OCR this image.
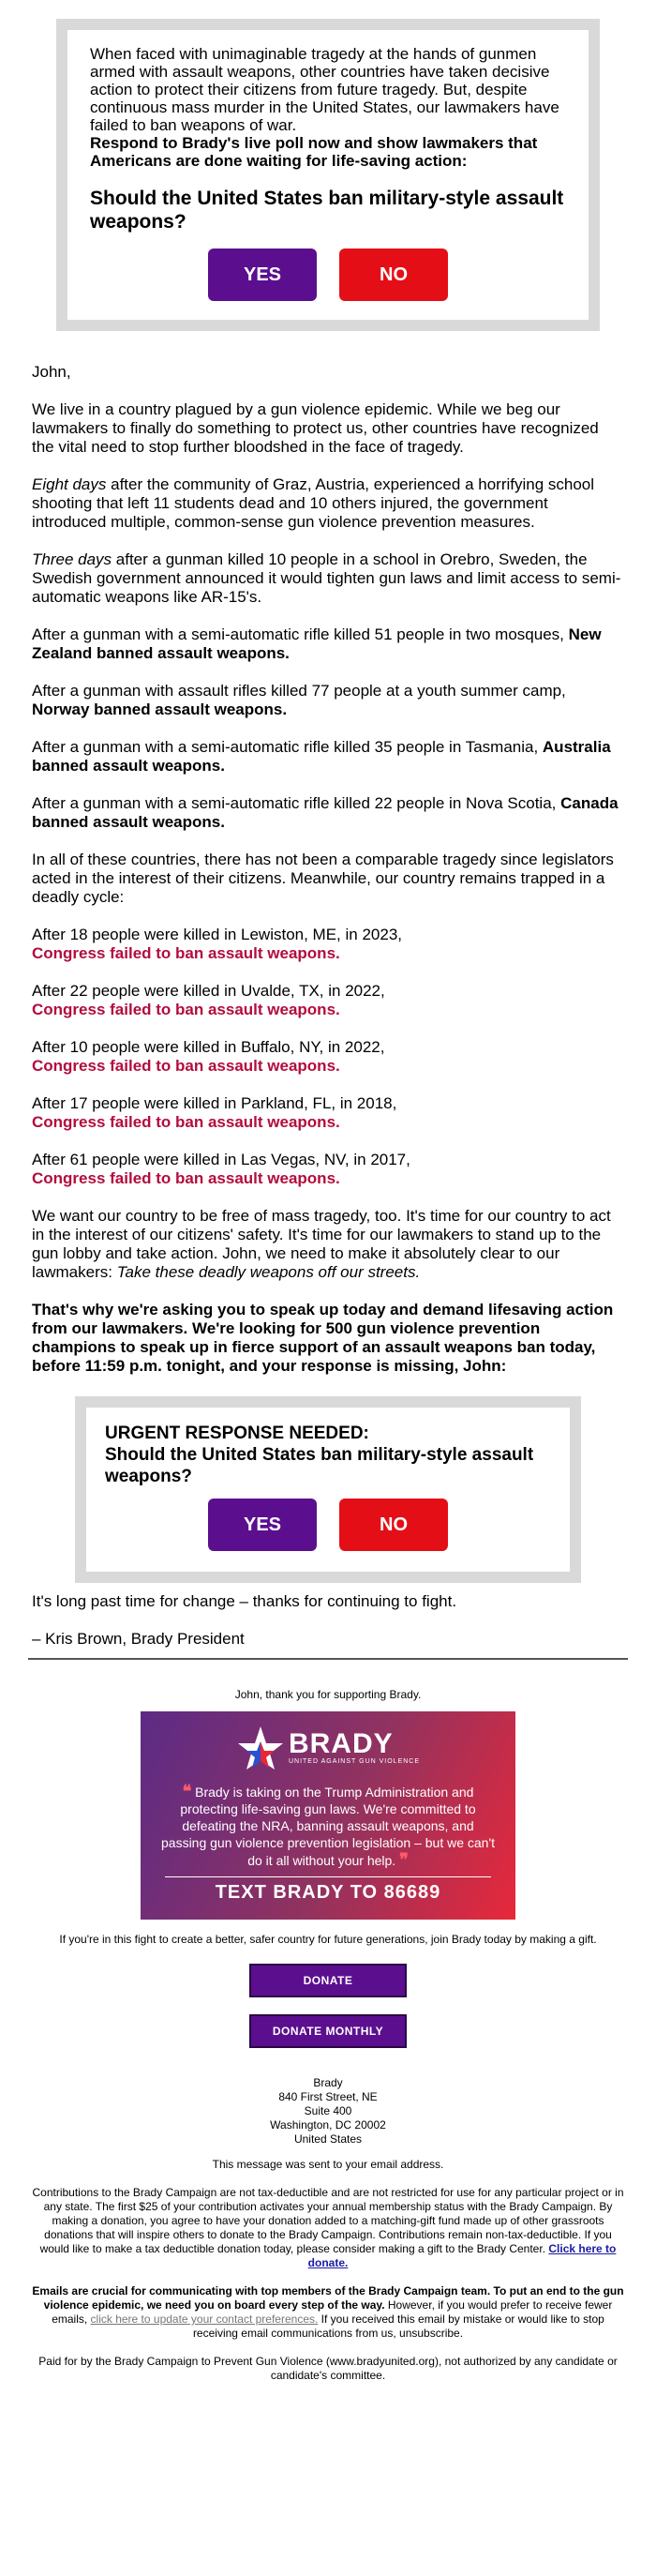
When faced with unimaginable tragedy at the hands of gunmen armed with assault weapons, other countries have taken decisive action to protect their citizens from future tragedy. But, despite continuous mass murder in the United States, our lawmakers have failed to ban weapons of war.

Respond to Brady's live poll now and show lawmakers that Americans are done waiting for life-saving action:

Should the United States ban military-style assault weapons?

YES	NO

John,

We live in a country plagued by a gun violence epidemic. While we beg our lawmakers to finally do something to protect us, other countries have recognized the vital need to stop further bloodshed in the face of tragedy.

Eight days after the community of Graz, Austria, experienced a horrifying school shooting that left 11 students dead and 10 others injured, the government introduced multiple, common-sense gun violence prevention measures.

Three days after a gunman killed 10 people in a school in Orebro, Sweden, the Swedish government announced it would tighten gun laws and limit access to semi-automatic weapons like AR-15's.

After a gunman with a semi-automatic rifle killed 51 people in two mosques, New Zealand banned assault weapons.

After a gunman with assault rifles killed 77 people at a youth summer camp, Norway banned assault weapons.

After a gunman with a semi-automatic rifle killed 35 people in Tasmania, Australia banned assault weapons.

After a gunman with a semi-automatic rifle killed 22 people in Nova Scotia, Canada banned assault weapons.

In all of these countries, there has not been a comparable tragedy since legislators acted in the interest of their citizens. Meanwhile, our country remains trapped in a deadly cycle:

After 18 people were killed in Lewiston, ME, in 2023,
Congress failed to ban assault weapons.

After 22 people were killed in Uvalde, TX, in 2022,
Congress failed to ban assault weapons.

After 10 people were killed in Buffalo, NY, in 2022,
Congress failed to ban assault weapons.

After 17 people were killed in Parkland, FL, in 2018,
Congress failed to ban assault weapons.

After 61 people were killed in Las Vegas, NV, in 2017,
Congress failed to ban assault weapons.

We want our country to be free of mass tragedy, too. It's time for our country to act in the interest of our citizens' safety. It's time for our lawmakers to stand up to the gun lobby and take action. John, we need to make it absolutely clear to our lawmakers: Take these deadly weapons off our streets.

That's why we're asking you to speak up today and demand lifesaving action from our lawmakers. We're looking for 500 gun violence prevention champions to speak up in fierce support of an assault weapons ban today, before 11:59 p.m. tonight, and your response is missing, John:

URGENT RESPONSE NEEDED:

Should the United States ban military-style assault weapons?

YES	NO

It's long past time for change – thanks for continuing to fight.

– Kris Brown, Brady President

John, thank you for supporting Brady.

BRADY
UNITED AGAINST GUN VIOLENCE
❝ Brady is taking on the Trump Administration and protecting life-saving gun laws. We're committed to defeating the NRA, banning assault weapons, and passing gun violence prevention legislation – but we can't do it all without your help. ❞
TEXT BRADY TO 86689

If you're in this fight to create a better, safer country for future generations, join Brady today by making a gift.

DONATE
DONATE MONTHLY

Brady

840 First Street, NE

Suite 400

Washington, DC 20002

United States

This message was sent to your email address.

Contributions to the Brady Campaign are not tax-deductible and are not restricted for use for any particular project or in any state. The first $25 of your contribution activates your annual membership status with the Brady Campaign. By making a donation, you agree to have your donation added to a matching-gift fund made up of other grassroots donations that will inspire others to donate to the Brady Campaign. Contributions remain non-tax-deductible. If you would like to make a tax deductible donation today, please consider making a gift to the Brady Center. Click here to donate.

Emails are crucial for communicating with top members of the Brady Campaign team. To put an end to the gun violence epidemic, we need you on board every step of the way. However, if you would prefer to receive fewer emails, click here to update your contact preferences. If you received this email by mistake or would like to stop receiving email communications from us, unsubscribe.

Paid for by the Brady Campaign to Prevent Gun Violence (www.bradyunited.org), not authorized by any candidate or candidate's committee.
